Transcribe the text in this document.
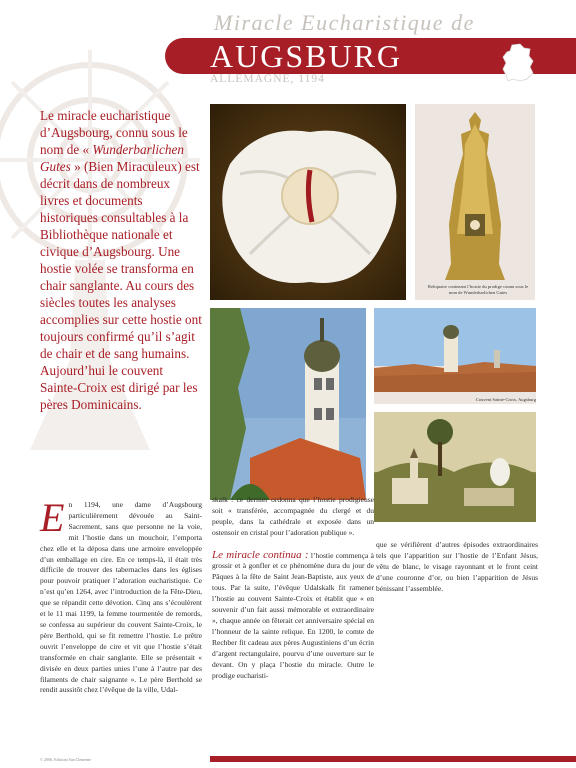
Miracle Eucharistique de
AUGSBURG
ALLEMAGNE, 1194
Le miracle eucharistique d’Augsbourg, connu sous le nom de « Wunderbarlichen Gutes » (Bien Miraculeux) est décrit dans de nombreux livres et documents historiques consultables à la Bibliothèque nationale et civique d’Augsbourg. Une hostie volée se transforma en chair sanglante. Au cours des siècles toutes les analyses accomplies sur cette hostie ont toujours confirmé qu’il s’agit de chair et de sang humains. Aujourd’hui le couvent Sainte-Croix est dirigé par les pères Dominicains.
Reliquaire contenant l’hostie du prodige connu sous le nom de Wunderbarlichen Gutes
Couvent Sainte-Croix, Augsburg
En 1194, une dame d’Augsbourg particulièrement dévouée au Saint-Sacrement, sans que personne ne la voie, mit l’hostie dans un mouchoir, l’emporta chez elle et la déposa dans une armoire enveloppée d’un emballage en cire. En ce temps-là, il était très difficile de trouver des tabernacles dans les églises pour pouvoir pratiquer l’adoration eucharistique. Ce n’est qu’en 1264, avec l’introduction de la Fête-Dieu, que se répandit cette dévotion. Cinq ans s’écoulèrent et le 11 mai 1199, la femme tourmentée de remords, se confessa au supérieur du couvent Sainte-Croix, le père Berthold, qui se fit remettre l’hostie. Le prêtre ouvrit l’enveloppe de cire et vit que l’hostie s’était transformée en chair sanglante. Elle se présentait « divisée en deux parties unies l’une à l’autre par des filaments de chair saignante ». Le père Berthold se rendit aussitôt chez l’évêque de la ville, Udal-
skalk : ce dernier ordonna que l’hostie prodigieuse soit « transférée, accompagnée du clergé et du peuple, dans la cathédrale et exposée dans un ostensoir en cristal pour l’adoration publique ».

Le miracle continua : l’hostie commença à grossir et à gonfler et ce phénomène dura du jour de Pâques à la fête de Saint Jean-Baptiste, aux yeux de tous. Par la suite, l’évêque Udalskalk fit ramener l’hostie au couvent Sainte-Croix et établit que « en souvenir d’un fait aussi mémorable et extraordinaire », chaque année on fêterait cet anniversaire spécial en l’honneur de la sainte relique. En 1200, le comte de Rechber fit cadeau aux pères Augustiniens d’un écrin d’argent rectangulaire, pourvu d’une ouverture sur le devant. On y plaça l’hostie du miracle. Outre le prodige eucharisti-
que se vérifièrent d’autres épisodes extraordinaires tels que l’apparition sur l’hostie de l’Enfant Jésus, vêtu de blanc, le visage rayonnant et le front ceint d’une couronne d’or, ou bien l’apparition de Jésus bénissant l’assemblée.
© 2006, Edizioni San Clemente
